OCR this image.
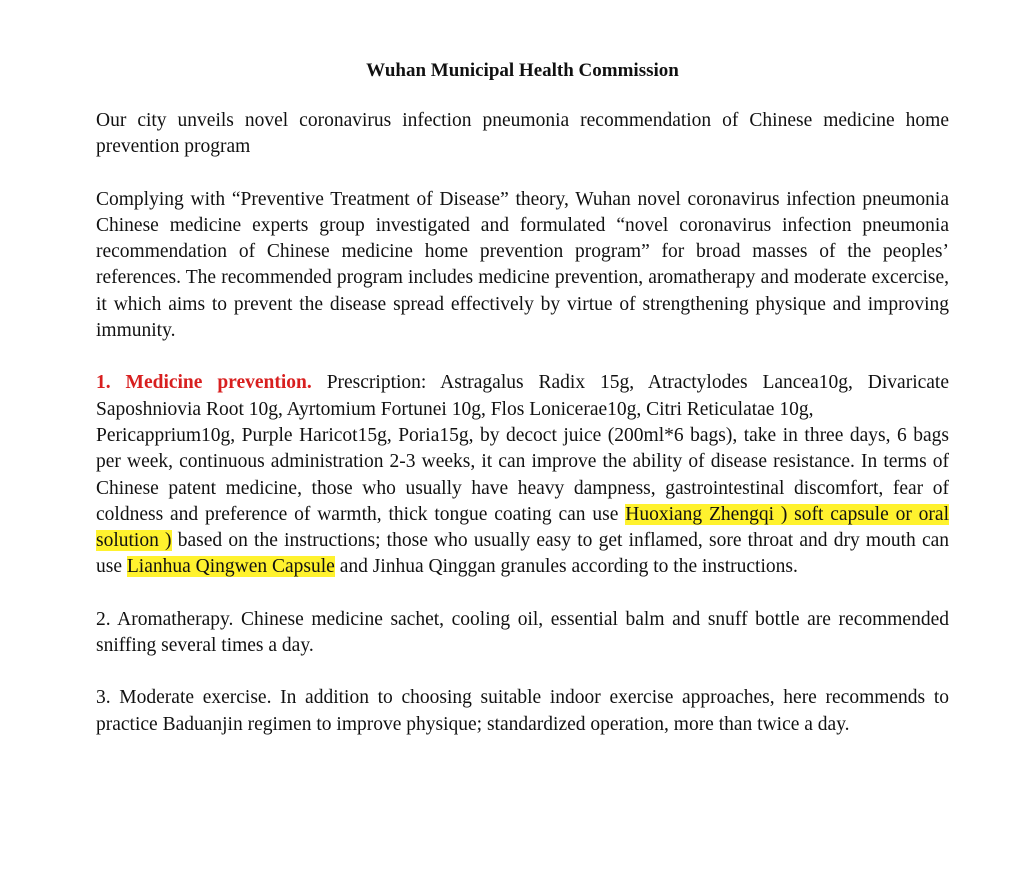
Wuhan Municipal Health Commission

Our city unveils novel coronavirus infection pneumonia recommendation of Chinese medicine home prevention program

Complying with “Preventive Treatment of Disease” theory, Wuhan novel coronavirus infection pneumonia Chinese medicine experts group investigated and formulated “novel coronavirus infection pneumonia recommendation of Chinese medicine home prevention program” for broad masses of the peoples’ references. The recommended program includes medicine prevention, aromatherapy and moderate excercise, it which aims to prevent the disease spread effectively by virtue of strengthening physique and improving immunity.

1. Medicine prevention. Prescription: Astragalus Radix 15g, Atractylodes Lancea10g, Divaricate Saposhniovia Root 10g, Ayrtomium Fortunei 10g, Flos Lonicerae10g, Citri Reticulatae 10g,

Pericapprium10g, Purple Haricot15g, Poria15g, by decoct juice (200ml*6 bags), take in three days, 6 bags per week, continuous administration 2-3 weeks, it can improve the ability of disease resistance. In terms of Chinese patent medicine, those who usually have heavy dampness, gastrointestinal discomfort, fear of coldness and preference of warmth, thick tongue coating can use Huoxiang Zhengqi ) soft capsule or oral solution ) based on the instructions; those who usually easy to get inflamed, sore throat and dry mouth can use Lianhua Qingwen Capsule and Jinhua Qinggan granules according to the instructions.

2. Aromatherapy. Chinese medicine sachet, cooling oil, essential balm and snuff bottle are recommended sniffing several times a day.

3. Moderate exercise. In addition to choosing suitable indoor exercise approaches, here recommends to practice Baduanjin regimen to improve physique; standardized operation, more than twice a day.
